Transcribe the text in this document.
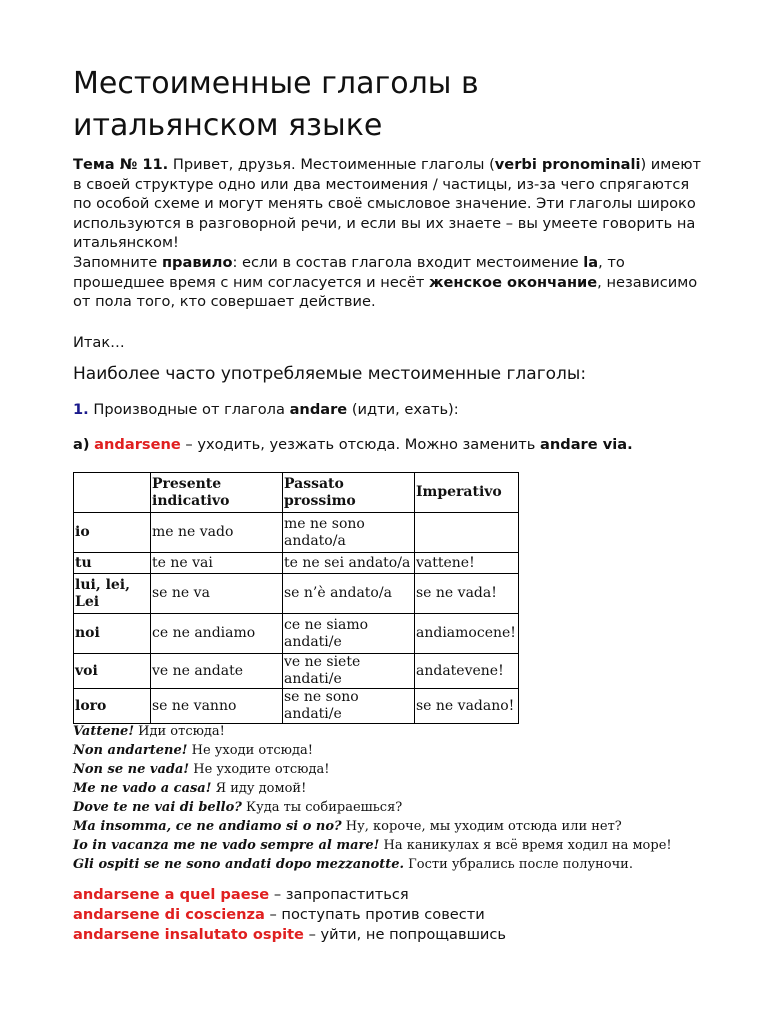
Местоименные глаголы в итальянском языке

Тема № 11. Привет, друзья. Местоименные глаголы (verbi pronominali) имеют в своей структуре одно или два местоимения / частицы, из-за чего спрягаются по особой схеме и могут менять своё смысловое значение. Эти глаголы широко используются в разговорной речи, и если вы их знаете – вы умеете говорить на итальянском!
Запомните правило: если в состав глагола входит местоимение la, то прошедшее время с ним согласуется и несёт женское окончание, независимо от пола того, кто совершает действие.

Итак…

Наиболее часто употребляемые местоименные глаголы:

1. Производные от глагола andare (идти, ехать):

a) andarsene – уходить, уезжать отсюда. Можно заменить andare via.

	Presente indicativo	Passato prossimo	Imperativo
io	me ne vado	me ne sono andato/a	
tu	te ne vai	te ne sei andato/a	vattene!
lui, lei, Lei	se ne va	se n’è andato/a	se ne vada!
noi	ce ne andiamo	ce ne siamo andati/e	andiamocene!
voi	ve ne andate	ve ne siete andati/e	andatevene!
loro	se ne vanno	se ne sono andati/e	se ne vadano!
Vattene! Иди отсюда!
Non andartene! Не уходи отсюда!
Non se ne vada! Не уходите отсюда!
Me ne vado a casa! Я иду домой!
Dove te ne vai di bello? Куда ты собираешься?
Ma insomma, ce ne andiamo si o no? Ну, короче, мы уходим отсюда или нет?
Io in vacanza me ne vado sempre al mare! На каникулах я всё время ходил на море!
Gli ospiti se ne sono andati dopo mezzanotte. Гости убрались после полуночи.
andarsene a quel paese – запропаститься
andarsene di coscienza – поступать против совести
andarsene insalutato ospite – уйти, не попрощавшись
